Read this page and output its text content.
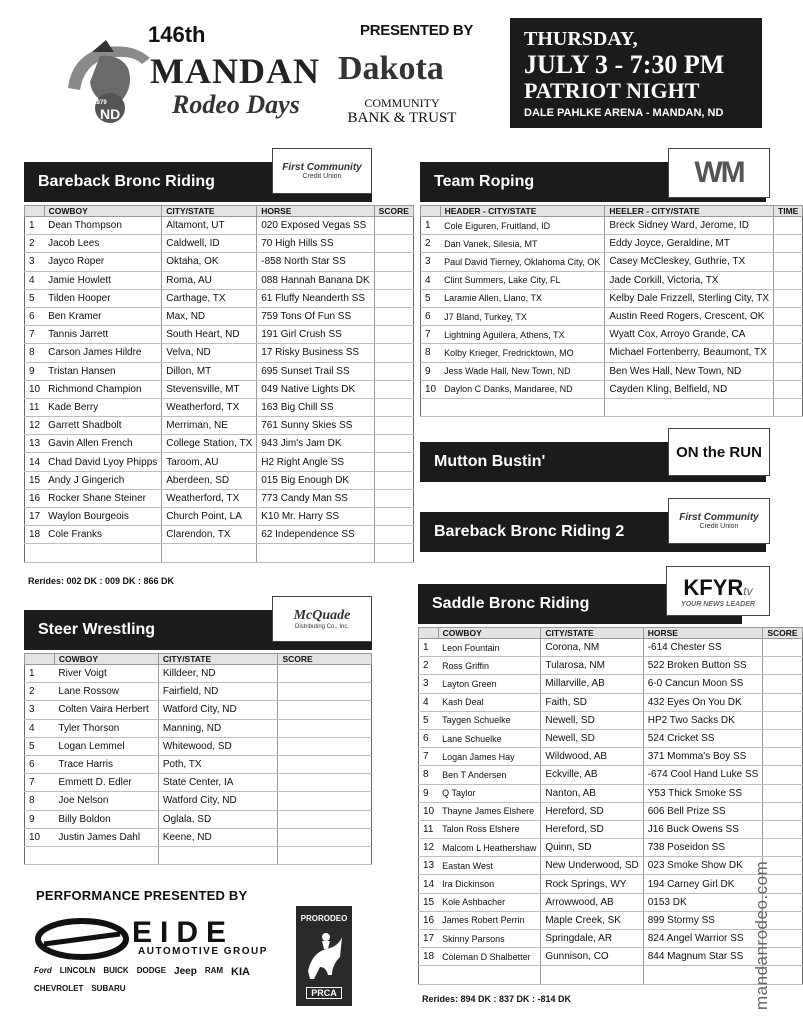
EST 1879
ND
146th
MANDAN
Rodeo Days
PRESENTED BY
Dakota
COMMUNITY
BANK & TRUST
THURSDAY,
JULY 3 - 7:30 PM
PATRIOT NIGHT
DALE PAHLKE ARENA - MANDAN, ND
Bareback Bronc Riding
First Community
Credit Union
	COWBOY	CITY/STATE	HORSE	SCORE
1	Dean Thompson	Altamont, UT	020 Exposed Vegas SS	
2	Jacob Lees	Caldwell, ID	70 High Hills SS	
3	Jayco Roper	Oktaha, OK	-858 North Star SS	
4	Jamie Howlett	Roma, AU	088 Hannah Banana DK	
5	Tilden Hooper	Carthage, TX	61 Fluffy Neanderth SS	
6	Ben Kramer	Max, ND	759 Tons Of Fun SS	
7	Tannis Jarrett	South Heart, ND	191 Girl Crush SS	
8	Carson James Hildre	Velva, ND	17 Risky Business SS	
9	Tristan Hansen	Dillon, MT	695 Sunset Trail SS	
10	Richmond Champion	Stevensville, MT	049 Native Lights DK	
11	Kade Berry	Weatherford, TX	163 Big Chill SS	
12	Garrett Shadbolt	Merriman, NE	761 Sunny Skies SS	
13	Gavin Allen French	College Station, TX	943 Jim's Jam DK	
14	Chad David Lyoy Phipps	Taroom, AU	H2 Right Angle SS	
15	Andy J Gingerich	Aberdeen, SD	015 Big Enough DK	
16	Rocker Shane Steiner	Weatherford, TX	773 Candy Man SS	
17	Waylon Bourgeois	Church Point, LA	K10 Mr. Harry SS	
18	Cole Franks	Clarendon, TX	62 Independence SS	

Rerides: 002 DK : 009 DK : 866 DK
Team Roping	WM
	HEADER - CITY/STATE	HEELER - CITY/STATE	TIME
1	Cole Eiguren, Fruitland, ID	Breck Sidney Ward, Jerome, ID	
2	Dan Vanek, Silesia, MT	Eddy Joyce, Geraldine, MT	
3	Paul David Tierney, Oklahoma City, OK	Casey McCleskey, Guthrie, TX	
4	Clint Summers, Lake City, FL	Jade Corkill, Victoria, TX	
5	Laramie Allen, Llano, TX	Kelby Dale Frizzell, Sterling City, TX	
6	J7 Bland, Turkey, TX	Austin Reed Rogers, Crescent, OK	
7	Lightning Aguilera, Athens, TX	Wyatt Cox, Arroyo Grande, CA	
8	Kolby Krieger, Fredricktown, MO	Michael Fortenberry, Beaumont, TX	
9	Jess Wade Hall, New Town, ND	Ben Wes Hall, New Town, ND	
10	Daylon C Danks, Mandaree, ND	Cayden Kling, Belfield, ND	

Mutton Bustin'
ON the RUN
Bareback Bronc Riding 2
First Community
Credit Union
Steer Wrestling
McQuade
Distributing Co., Inc.
	COWBOY	CITY/STATE	SCORE
1	River Voigt	Killdeer, ND	
2	Lane Rossow	Fairfield, ND	
3	Colten Vaira Herbert	Watford City, ND	
4	Tyler Thorson	Manning, ND	
5	Logan Lemmel	Whitewood, SD	
6	Trace Harris	Poth, TX	
7	Emmett D. Edler	State Center, IA	
8	Joe Nelson	Watford City, ND	
9	Billy Boldon	Oglala, SD	
10	Justin James Dahl	Keene, ND	

Saddle Bronc Riding
KFYRtv
YOUR NEWS LEADER
	COWBOY	CITY/STATE	HORSE	SCORE
1	Leon Fountain	Corona, NM	-614 Chester SS	
2	Ross Griffin	Tularosa, NM	522 Broken Button SS	
3	Layton Green	Millarville, AB	6-0 Cancun Moon SS	
4	Kash Deal	Faith, SD	432 Eyes On You DK	
5	Taygen Schuelke	Newell, SD	HP2 Two Sacks DK	
6	Lane Schuelke	Newell, SD	524 Cricket SS	
7	Logan James Hay	Wildwood, AB	371 Momma's Boy SS	
8	Ben T Andersen	Eckville, AB	-674 Cool Hand Luke SS	
9	Q Taylor	Nanton, AB	Y53 Thick Smoke SS	
10	Thayne James Elshere	Hereford, SD	606 Bell Prize SS	
11	Talon Ross Elshere	Hereford, SD	J16 Buck Owens SS	
12	Malcom L Heathershaw	Quinn, SD	738 Poseidon SS	
13	Eastan West	New Underwood, SD	023 Smoke Show DK	
14	Ira Dickinson	Rock Springs, WY	194 Carney Girl DK	
15	Kole Ashbacher	Arrowwood, AB	0153 DK	
16	James Robert Perrin	Maple Creek, SK	899 Stormy SS	
17	Skinny Parsons	Springdale, AR	824 Angel Warrior SS	
18	Coleman D Shalbetter	Gunnison, CO	844 Magnum Star SS	

Rerides: 894 DK : 837 DK : -814 DK
PERFORMANCE PRESENTED BY
EIDE
AUTOMOTIVE GROUP
Ford LINCOLN BUICK DODGE Jeep RAM KIA
CHEVROLET SUBARU
PRORODEO
PRCA	mandanrodeo.com
